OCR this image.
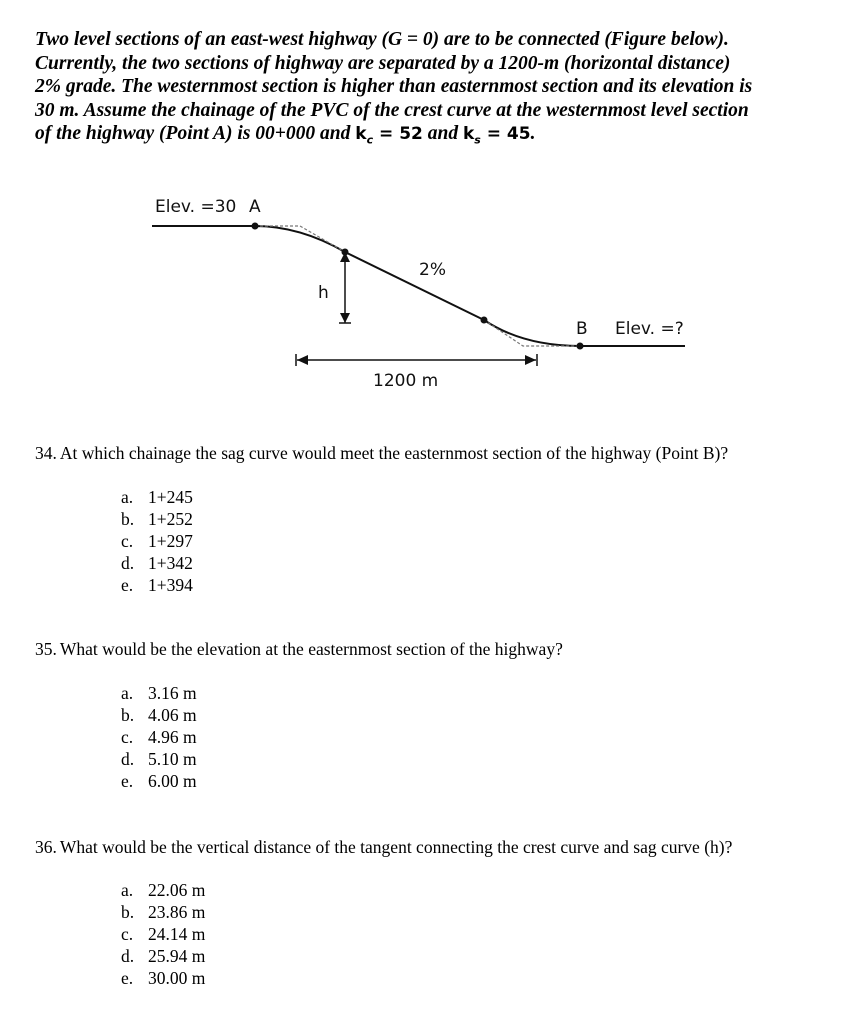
Two level sections of an east-west highway (G = 0) are to be connected (Figure below).
Currently, the two sections of highway are separated by a 1200-m (horizontal distance)
2% grade. The westernmost section is higher than easternmost section and its elevation is
30 m. Assume the chainage of the PVC of the crest curve at the westernmost level section
of the highway (Point A) is 00+000 and $k_c = 52$ and $k_s = 45$.
Elev. =30 A
2%
h
B Elev. =?
1200 m
34. At which chainage the sag curve would meet the easternmost section of the highway (Point B)?
a. 1+245
b. 1+252
c. 1+297
d. 1+342
e. 1+394
35. What would be the elevation at the easternmost section of the highway?
a. 3.16 m
b. 4.06 m
c. 4.96 m
d. 5.10 m
e. 6.00 m
36. What would be the vertical distance of the tangent connecting the crest curve and sag curve (h)?
a. 22.06 m
b. 23.86 m
c. 24.14 m
d. 25.94 m
e. 30.00 m
